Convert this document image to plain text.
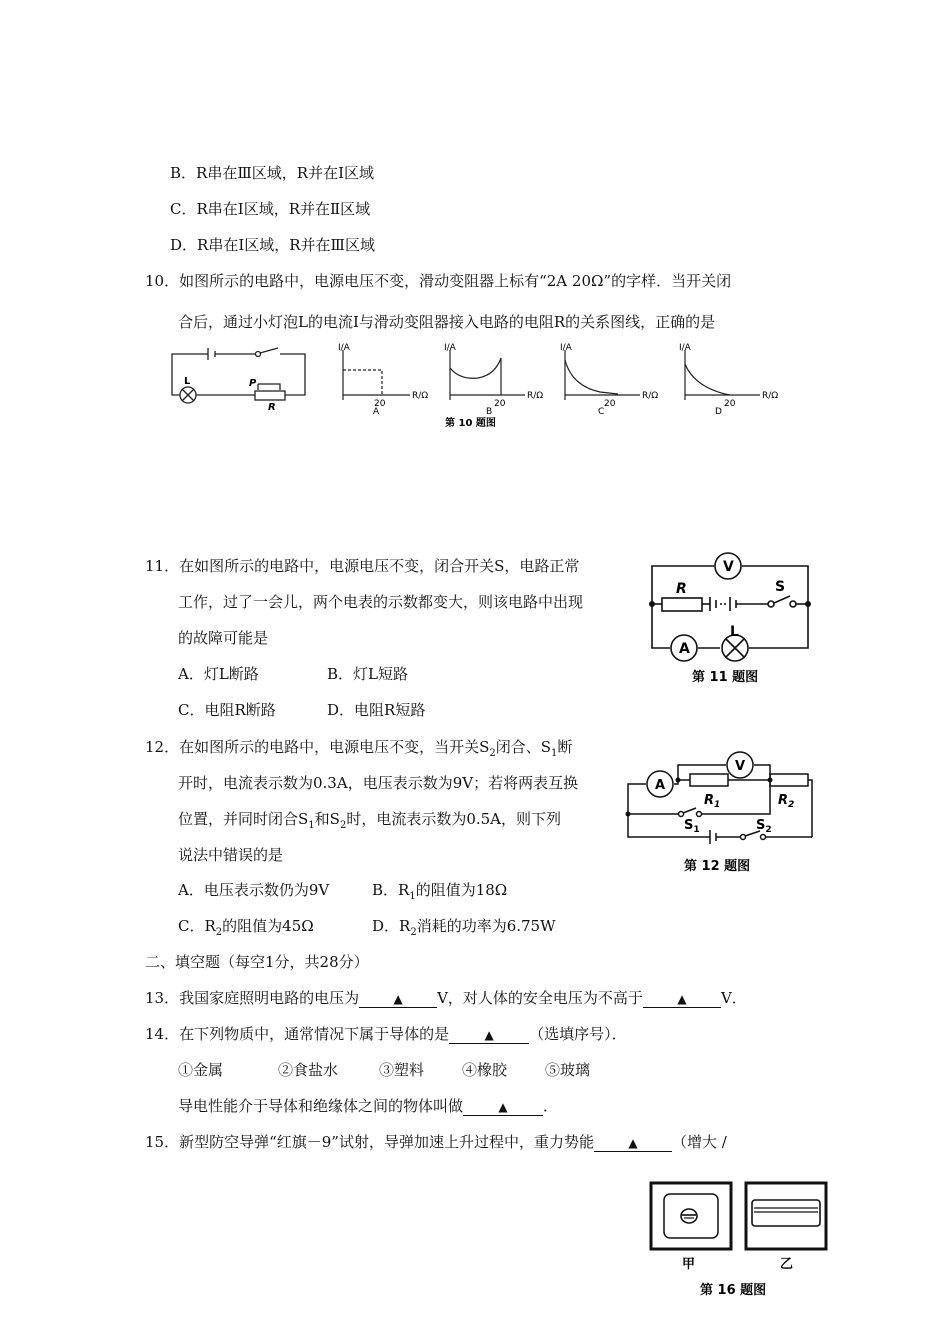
B．R串在Ⅲ区域，R并在Ⅰ区域
C．R串在Ⅰ区域，R并在Ⅱ区域
D．R串在Ⅰ区域，R并在Ⅲ区域
10．如图所示的电路中，电源电压不变，滑动变阻器上标有“2A 20Ω”的字样．当开关闭
合后，通过小灯泡L的电流I与滑动变阻器接入电路的电阻R的关系图线，正确的是
L	P
R
I/A
R/Ω
20
I/A
R/Ω
20
I/A
R/Ω
20
I/A
R/Ω
20
A	B	C	D
第 10 题图
11．在如图所示的电路中，电源电压不变，闭合开关S，电路正常
工作，过了一会儿，两个电表的示数都变大，则该电路中出现
的故障可能是
A．灯L断路	B．灯L短路
C．电阻R断路	D．电阻R短路
V
A
R	S
L
第 11 题图
12．在如图所示的电路中，电源电压不变，当开关$S_2$闭合、$S_1$断
开时，电流表示数为0.3A，电压表示数为9V；若将两表互换
位置，并同时闭合$S_1$和$S_2$时，电流表示数为0.5A，则下列
说法中错误的是
A．电压表示数仍为9V	B．$R_1$的阻值为18Ω
C．$R_2$的阻值为45Ω	D．$R_2$消耗的功率为6.75W
A
V
$R_1$	$R_2$
$S_1$	$S_2$
第 12 题图
二、填空题（每空1分，共28分）
13．我国家庭照明电路的电压为	▲ V，对人体的安全电压为不高于	▲ V．
14．在下列物质中，通常情况下属于导体的是	▲ （选填序号）．
①金属	②食盐水	③塑料	④橡胶	⑤玻璃
导电性能介于导体和绝缘体之间的物体叫做	▲ ．
15．新型防空导弹“红旗－9”试射，导弹加速上升过程中，重力势能	▲ （增大 /
甲	乙
第 16 题图
